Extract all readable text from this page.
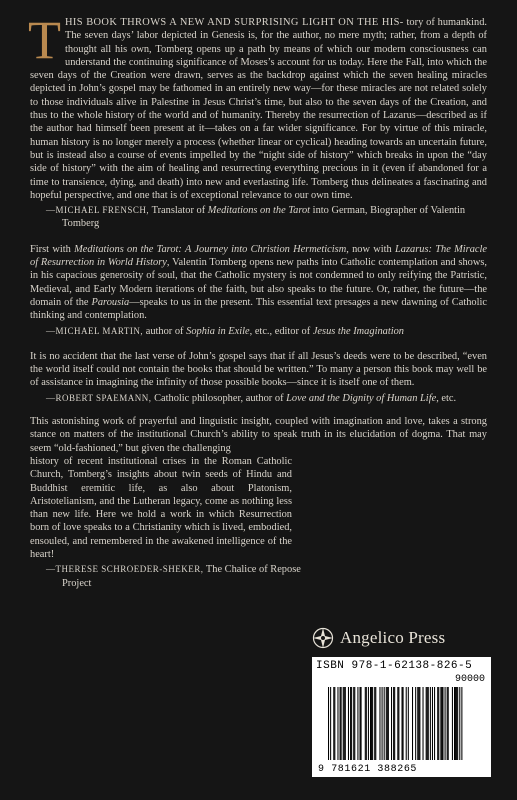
THIS BOOK THROWS A NEW AND SURPRISING LIGHT ON THE HIS- tory of humankind. The seven days’ labor depicted in Genesis is, for the author, no mere myth; rather, from a depth of thought all his own, Tomberg opens up a path by means of which our modern consciousness can understand the continuing significance of Moses’s account for us today. Here the Fall, into which the seven days of the Creation were drawn, serves as the backdrop against which the seven healing miracles depicted in John’s gospel may be fathomed in an entirely new way—for these miracles are not related solely to those individuals alive in Palestine in Jesus Christ’s time, but also to the seven days of the Creation, and thus to the whole history of the world and of humanity. Thereby the resurrection of Lazarus—described as if the author had himself been present at it—takes on a far wider significance. For by virtue of this miracle, human history is no longer merely a process (whether linear or cyclical) heading towards an uncertain future, but is instead also a course of events impelled by the “night side of history” which breaks in upon the “day side of history” with the aim of healing and resurrecting everything precious in it (even if abandoned for a time to transience, dying, and death) into new and everlasting life. Tomberg thus delineates a fascinating and hopeful perspective, and one that is of exceptional relevance to our own time.

—MICHAEL FRENSCH, Translator of Meditations on the Tarot into German, Biographer of Valentin Tomberg

First with Meditations on the Tarot: A Journey into Christion Hermeticism, now with Lazarus: The Miracle of Resurrection in World History, Valentin Tomberg opens new paths into Catholic contemplation and shows, in his capacious generosity of soul, that the Catholic mystery is not condemned to only reifying the Patristic, Medieval, and Early Modern iterations of the faith, but also speaks to the future. Or, rather, the future—the domain of the Parousia—speaks to us in the present. This essential text presages a new dawning of Catholic thinking and contemplation.

—MICHAEL MARTIN, author of Sophia in Exile, etc., editor of Jesus the Imagination

It is no accident that the last verse of John’s gospel says that if all Jesus’s deeds were to be described, “even the world itself could not contain the books that should be written.” To many a person this book may well be of assistance in imagining the infinity of those possible books—since it is itself one of them.

—ROBERT SPAEMANN, Catholic philosopher, author of Love and the Dignity of Human Life, etc.

This astonishing work of prayerful and linguistic insight, coupled with imagination and love, takes a strong stance on matters of the institutional Church’s ability to speak truth in its elucidation of dogma. That may seem “old-fashioned,” but given the challenging

history of recent institutional crises in the Roman Catholic Church, Tomberg’s insights about twin seeds of Hindu and Buddhist eremitic life, as also about Platonism, Aristotelianism, and the Lutheran legacy, come as nothing less than new life. Here we hold a work in which Resurrection born of love speaks to a Christianity which is lived, embodied, ensouled, and remembered in the awakened intelligence of the heart!

—THERESE SCHROEDER-SHEKER, The Chalice of Repose Project

Angelico Press
ISBN 978-1-62138-826-5
90000
9 781621 388265
